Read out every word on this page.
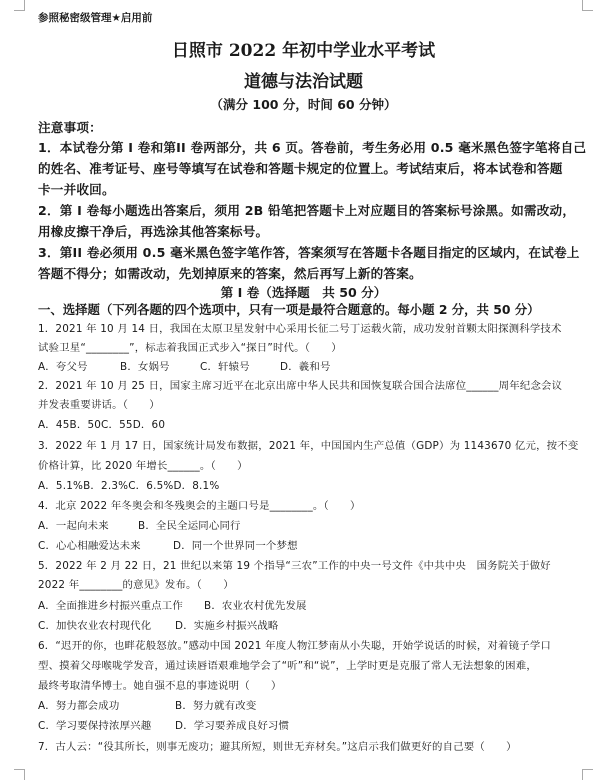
参照秘密级管理★启用前
日照市 2022 年初中学业水平考试
道德与法治试题
（满分 100 分，时间 60 分钟）
注意事项：
1．本试卷分第 I 卷和第II 卷两部分，共 6 页。答卷前，考生务必用 0.5 毫米黑色签字笔将自己
的姓名、准考证号、座号等填写在试卷和答题卡规定的位置上。考试结束后，将本试卷和答题
卡一并收回。
2．第 I 卷每小题选出答案后，须用 2B 铅笔把答题卡上对应题目的答案标号涂黑。如需改动，
用橡皮擦干净后，再选涂其他答案标号。
3．第II 卷必须用 0.5 毫米黑色签字笔作答，答案须写在答题卡各题目指定的区域内，在试卷上
答题不得分；如需改动，先划掉原来的答案，然后再写上新的答案。
第 I 卷（选择题　共 50 分）
一、选择题（下列各题的四个选项中，只有一项是最符合题意的。每小题 2 分，共 50 分）
1．2021 年 10 月 14 日，我国在太原卫星发射中心采用长征二号丁运载火箭，成功发射首颗太阳探测科学技术
试验卫星“________”，标志着我国正式步入“探日”时代。（　　）
A．夸父号	B．女娲号	C．轩辕号	D．羲和号
2．2021 年 10 月 25 日，国家主席习近平在北京出席中华人民共和国恢复联合国合法席位______周年纪念会议
并发表重要讲话。（　　）
A．45B．50C．55D．60
3．2022 年 1 月 17 日，国家统计局发布数据，2021 年，中国国内生产总值（GDP）为 1143670 亿元，按不变
价格计算，比 2020 年增长______。（　　）
A．5.1%B．2.3%C．6.5%D．8.1%
4．北京 2022 年冬奥会和冬残奥会的主题口号是________。（　　）
A．一起向未来	B．全民全运同心同行
C．心心相融爱达未来	D．同一个世界同一个梦想
5．2022 年 2 月 22 日，21 世纪以来第 19 个指导“三农”工作的中央一号文件《中共中央　国务院关于做好
2022 年________的意见》发布。（　　）
A．全面推进乡村振兴重点工作 B．农业农村优先发展
C．加快农业农村现代化 D．实施乡村振兴战略
6．“迟开的你，也畔花般怒放。”感动中国 2021 年度人物江梦南从小失聪，开始学说话的时候，对着镜子学口
型、摸着父母喉咙学发音，通过读唇语艰难地学会了“听”和“说”，上学时更是克服了常人无法想象的困难，
最终考取清华博士。她自强不息的事迹说明（　　）
A．努力都会成功	B．努力就有改变
C．学习要保持浓厚兴趣 D．学习要养成良好习惯
7．古人云：“役其所长，则事无废功；避其所短，则世无弃材矣。”这启示我们做更好的自己要（　　）
